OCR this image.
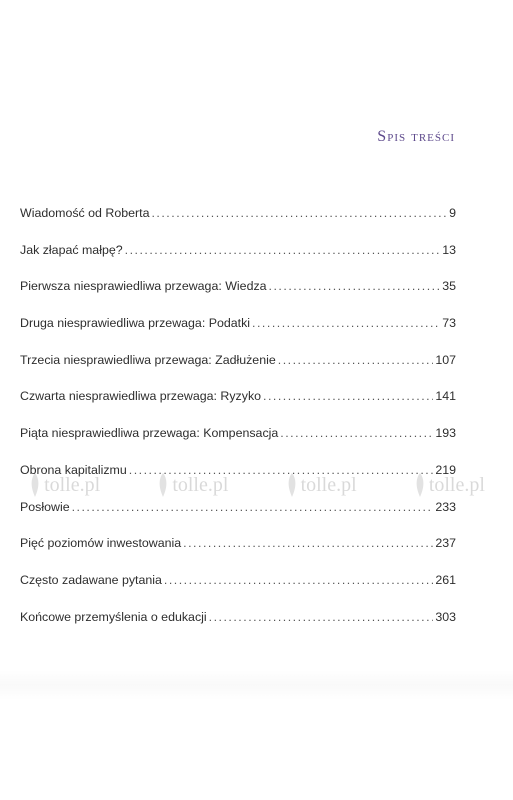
Spis treści
Wiadomość od Roberta .....	9
Jak złapać małpę? .....	13
Pierwsza niesprawiedliwa przewaga: Wiedza .....	35
Druga niesprawiedliwa przewaga: Podatki .....	73
Trzecia niesprawiedliwa przewaga: Zadłużenie .....	107
Czwarta niesprawiedliwa przewaga: Ryzyko .....	141
Piąta niesprawiedliwa przewaga: Kompensacja .....	193
Obrona kapitalizmu .....	219
Posłowie .....	233
Pięć poziomów inwestowania .....	237
Często zadawane pytania .....	261
Końcowe przemyślenia o edukacji .....	303
tolle.pl	tolle.pl	tolle.pl	tolle.pl
